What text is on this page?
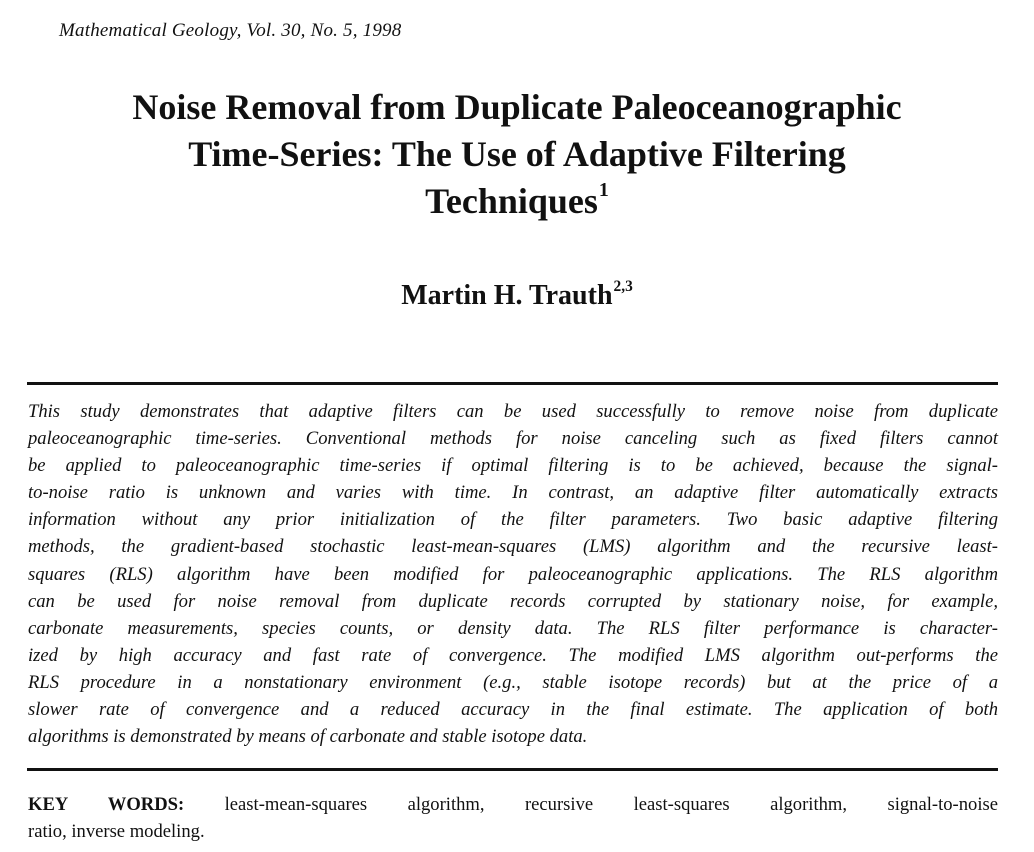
Mathematical Geology, Vol. 30, No. 5, 1998
Noise Removal from Duplicate Paleoceanographic
Time-Series: The Use of Adaptive Filtering
Techniques$^1$
Martin H. Trauth$^{2,3}$
This study demonstrates that adaptive filters can be used successfully to remove noise from duplicate
paleoceanographic time-series. Conventional methods for noise canceling such as fixed filters cannot
be applied to paleoceanographic time-series if optimal filtering is to be achieved, because the signal-
to-noise ratio is unknown and varies with time. In contrast, an adaptive filter automatically extracts
information without any prior initialization of the filter parameters. Two basic adaptive filtering
methods, the gradient-based stochastic least-mean-squares (LMS) algorithm and the recursive least-
squares (RLS) algorithm have been modified for paleoceanographic applications. The RLS algorithm
can be used for noise removal from duplicate records corrupted by stationary noise, for example,
carbonate measurements, species counts, or density data. The RLS filter performance is character-
ized by high accuracy and fast rate of convergence. The modified LMS algorithm out-performs the
RLS procedure in a nonstationary environment (e.g., stable isotope records) but at the price of a
slower rate of convergence and a reduced accuracy in the final estimate. The application of both
algorithms is demonstrated by means of carbonate and stable isotope data.
KEY WORDS: least-mean-squares algorithm, recursive least-squares algorithm, signal-to-noise
ratio, inverse modeling.
